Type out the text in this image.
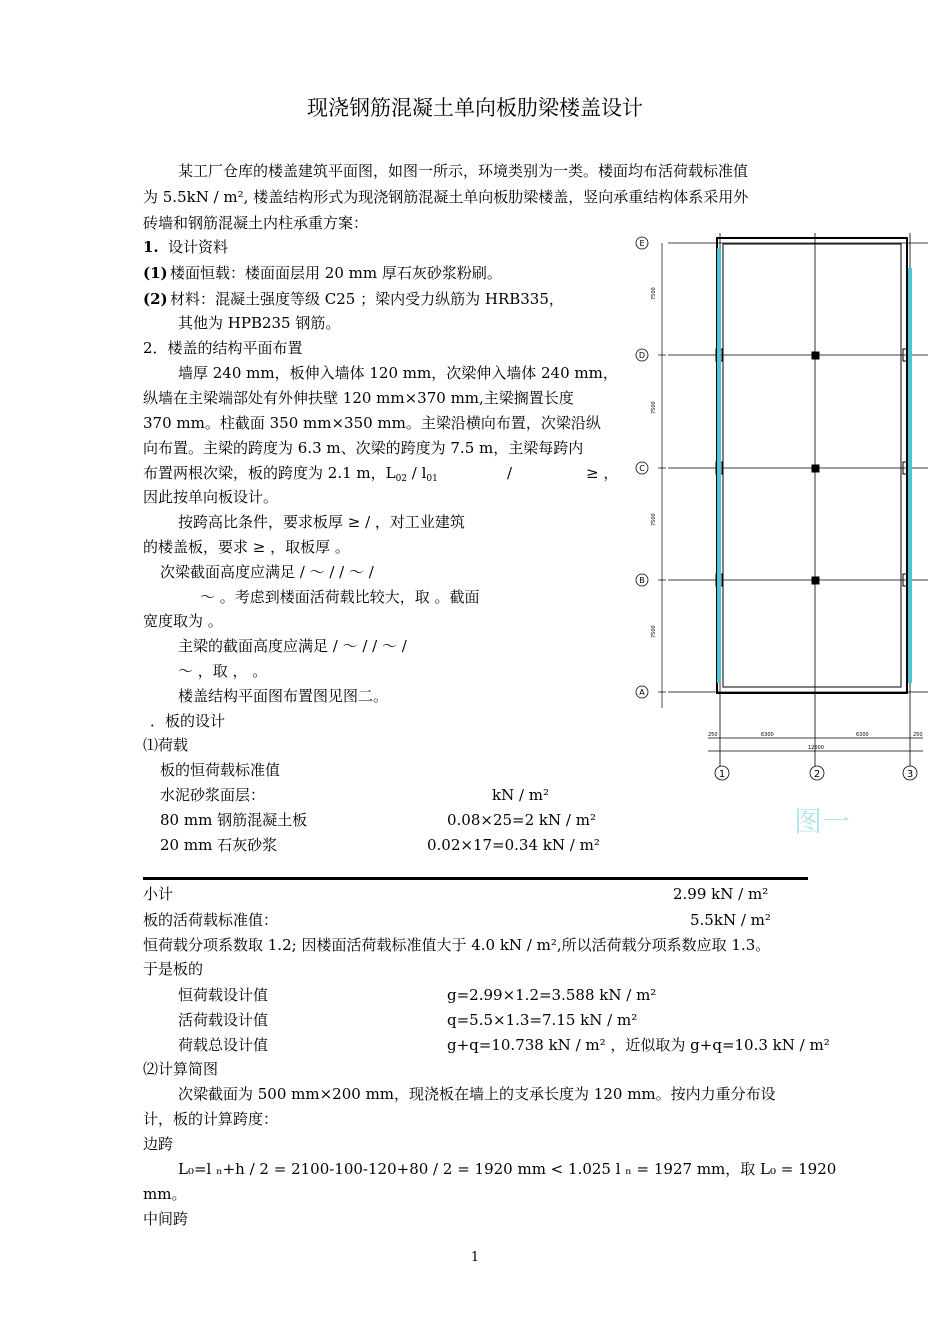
现浇钢筋混凝土单向板肋梁楼盖设计
某工厂仓库的楼盖建筑平面图，如图一所示，环境类别为一类。楼面均布活荷载标准值
为 5.5kN / m², 楼盖结构形式为现浇钢筋混凝土单向板肋梁楼盖，竖向承重结构体系采用外
砖墙和钢筋混凝土内柱承重方案：
1. 设计资料
(1) 楼面恒载：楼面面层用 20 mm 厚石灰砂浆粉刷。
(2) 材料：混凝土强度等级 C25 ；梁内受力纵筋为 HRB335，
其他为 HPB235 钢筋。
2．楼盖的结构平面布置
墙厚 240 mm，板伸入墙体 120 mm，次梁伸入墙体 240 mm，
纵墙在主梁端部处有外伸扶壁 120 mm×370 mm,主梁搁置长度
370 mm。柱截面 350 mm×350 mm。主梁沿横向布置，次梁沿纵
向布置。主梁的跨度为 6.3 m、次梁的跨度为 7.5 m，主梁每跨内
布置两根次梁，板的跨度为 2.1 m，$L_{02} / l_{01}$	/	≥ ，
因此按单向板设计。
按跨高比条件，要求板厚 ≥ / ，对工业建筑
的楼盖板，要求 ≥ ，取板厚 。
次梁截面高度应满足 / ～ / / ～ /
～ 。考虑到楼面活荷载比较大，取 。截面
宽度取为 。
主梁的截面高度应满足 / ～ / / ～ /
～ ，取 ， 。
楼盖结构平面图布置图见图二。
．板的设计
⑴荷载
板的恒荷载标准值
水泥砂浆面层：	kN / m²
80 mm 钢筋混凝土板	0.08×25=2 kN / m²
20 mm 石灰砂浆	0.02×17=0.34 kN / m²
小计	2.99 kN / m²
板的活荷载标准值：	5.5kN / m²
恒荷载分项系数取 1.2; 因楼面活荷载标准值大于 4.0 kN / m²,所以活荷载分项系数应取 1.3。
于是板的
恒荷载设计值	g=2.99×1.2=3.588 kN / m²
活荷载设计值	q=5.5×1.3=7.15 kN / m²
荷载总设计值	g+q=10.738 kN / m² ，近似取为 g+q=10.3 kN / m²
⑵计算简图
次梁截面为 500 mm×200 mm，现浇板在墙上的支承长度为 120 mm。按内力重分布设
计，板的计算跨度：
边跨
L₀=l ₙ+h / 2 = 2100-100-120+80 / 2 = 1920 mm < 1.025 l ₙ = 1927 mm，取 L₀ = 1920
mm。
中间跨
1
E
D
C
B
A
1	2	3
7500
7500
7500
7500
250	6300	6300	250
12600
图一
